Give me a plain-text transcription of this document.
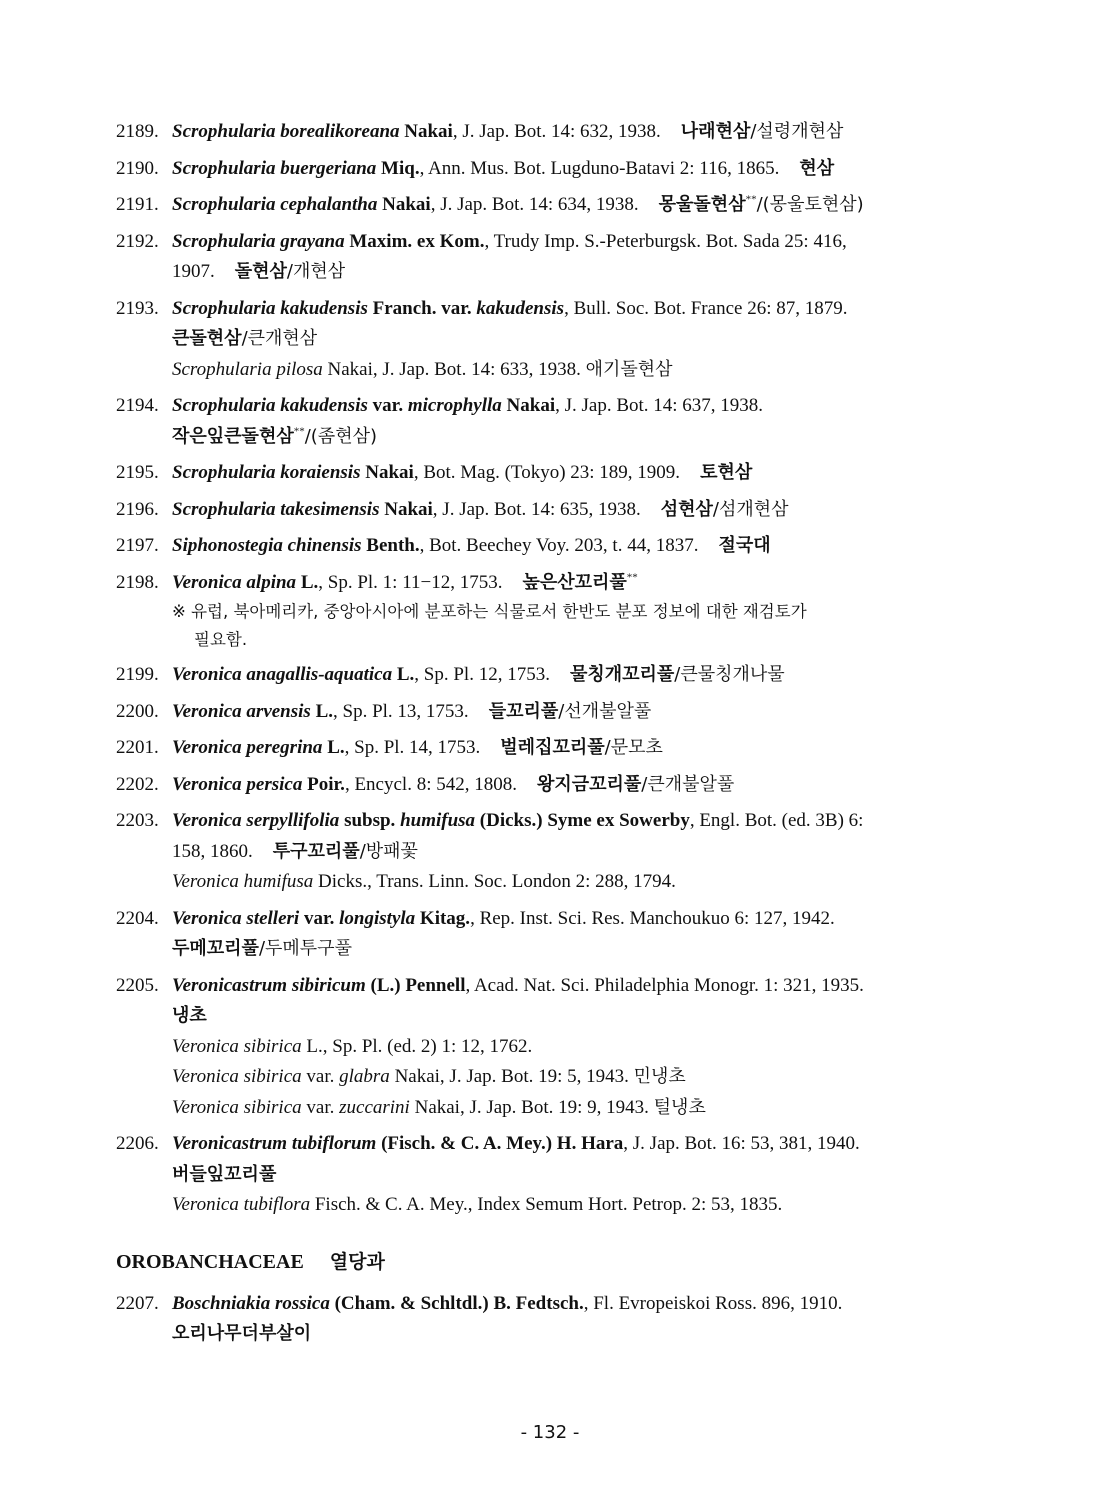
2189. Scrophularia borealikoreana Nakai, J. Jap. Bot. 14: 632, 1938. 나래현삼/설령개현삼
2190. Scrophularia buergeriana Miq., Ann. Mus. Bot. Lugduno-Batavi 2: 116, 1865. 현삼
2191. Scrophularia cephalantha Nakai, J. Jap. Bot. 14: 634, 1938. 몽울돌현삼**/(몽울토현삼)
2192. Scrophularia grayana Maxim. ex Kom., Trudy Imp. S.-Peterburgsk. Bot. Sada 25: 416,
1907. 돌현삼/개현삼
2193. Scrophularia kakudensis Franch. var. kakudensis, Bull. Soc. Bot. France 26: 87, 1879.
큰돌현삼/큰개현삼
Scrophularia pilosa Nakai, J. Jap. Bot. 14: 633, 1938. 애기돌현삼
2194. Scrophularia kakudensis var. microphylla Nakai, J. Jap. Bot. 14: 637, 1938.
작은잎큰돌현삼**/(좀현삼)
2195. Scrophularia koraiensis Nakai, Bot. Mag. (Tokyo) 23: 189, 1909. 토현삼
2196. Scrophularia takesimensis Nakai, J. Jap. Bot. 14: 635, 1938. 섬현삼/섬개현삼
2197. Siphonostegia chinensis Benth., Bot. Beechey Voy. 203, t. 44, 1837. 절국대
2198. Veronica alpina L., Sp. Pl. 1: 11−12, 1753. 높은산꼬리풀**
※ 유럽, 북아메리카, 중앙아시아에 분포하는 식물로서 한반도 분포 정보에 대한 재검토가
필요함.
2199. Veronica anagallis-aquatica L., Sp. Pl. 12, 1753. 물칭개꼬리풀/큰물칭개나물
2200. Veronica arvensis L., Sp. Pl. 13, 1753. 들꼬리풀/선개불알풀
2201. Veronica peregrina L., Sp. Pl. 14, 1753. 벌레집꼬리풀/문모초
2202. Veronica persica Poir., Encycl. 8: 542, 1808. 왕지금꼬리풀/큰개불알풀
2203. Veronica serpyllifolia subsp. humifusa (Dicks.) Syme ex Sowerby, Engl. Bot. (ed. 3B) 6:
158, 1860. 투구꼬리풀/방패꽃
Veronica humifusa Dicks., Trans. Linn. Soc. London 2: 288, 1794.
2204. Veronica stelleri var. longistyla Kitag., Rep. Inst. Sci. Res. Manchoukuo 6: 127, 1942.
두메꼬리풀/두메투구풀
2205. Veronicastrum sibiricum (L.) Pennell, Acad. Nat. Sci. Philadelphia Monogr. 1: 321, 1935.
냉초
Veronica sibirica L., Sp. Pl. (ed. 2) 1: 12, 1762.
Veronica sibirica var. glabra Nakai, J. Jap. Bot. 19: 5, 1943. 민냉초
Veronica sibirica var. zuccarini Nakai, J. Jap. Bot. 19: 9, 1943. 털냉초
2206. Veronicastrum tubiflorum (Fisch. & C. A. Mey.) H. Hara, J. Jap. Bot. 16: 53, 381, 1940.
버들잎꼬리풀
Veronica tubiflora Fisch. & C. A. Mey., Index Semum Hort. Petrop. 2: 53, 1835.
OROBANCHACEAE 열당과
2207. Boschniakia rossica (Cham. & Schltdl.) B. Fedtsch., Fl. Evropeiskoi Ross. 896, 1910.
오리나무더부살이
- 132 -
